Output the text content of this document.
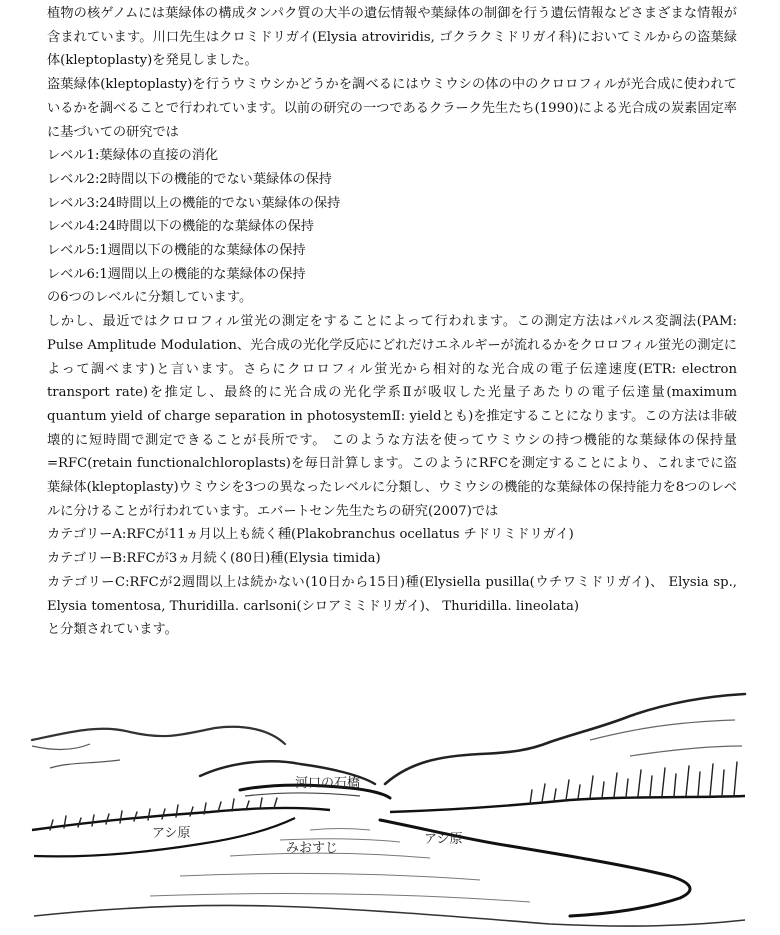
植物の核ゲノムには葉緑体の構成タンパク質の大半の遺伝情報や葉緑体の制御を行う遺伝情報などさまざまな情報が含まれています。川口先生はクロミドリガイ(Elysia atroviridis, ゴクラクミドリガイ科)においてミルからの盗葉緑体(kleptoplasty)を発見しました。

盗葉緑体(kleptoplasty)を行うウミウシかどうかを調べるにはウミウシの体の中のクロロフィルが光合成に使われているかを調べることで行われています。以前の研究の一つであるクラーク先生たち(1990)による光合成の炭素固定率に基づいての研究では

レベル1:葉緑体の直接の消化
レベル2:2時間以下の機能的でない葉緑体の保持
レベル3:24時間以上の機能的でない葉緑体の保持
レベル4:24時間以下の機能的な葉緑体の保持
レベル5:1週間以下の機能的な葉緑体の保持
レベル6:1週間以上の機能的な葉緑体の保持
の6つのレベルに分類しています。

しかし、最近ではクロロフィル蛍光の測定をすることによって行われます。この測定方法はパルス変調法(PAM: Pulse Amplitude Modulation、光合成の光化学反応にどれだけエネルギーが流れるかをクロロフィル蛍光の測定によって調べます)と言います。さらにクロロフィル蛍光から相対的な光合成の電子伝達速度(ETR: electron transport rate)を推定し、最終的に光合成の光化学系Ⅱが吸収した光量子あたりの電子伝達量(maximum quantum yield of charge separation in photosystemⅡ: yieldとも)を推定することになります。この方法は非破壊的に短時間で測定できることが長所です。 このような方法を使ってウミウシの持つ機能的な葉緑体の保持量=RFC(retain functionalchloroplasts)を毎日計算します。このようにRFCを測定することにより、これまでに盗葉緑体(kleptoplasty)ウミウシを3つの異なったレベルに分類し、ウミウシの機能的な葉緑体の保持能力を8つのレベルに分けることが行われています。エバートセン先生たちの研究(2007)では

カテゴリーA:RFCが11ヵ月以上も続く種(Plakobranchus ocellatus チドリミドリガイ)

カテゴリーB:RFCが3ヵ月続く(80日)種(Elysia timida)

カテゴリーC:RFCが2週間以上は続かない(10日から15日)種(Elysiella pusilla(ウチワミドリガイ)、 Elysia sp., Elysia tomentosa, Thuridilla. carlsoni(シロアミミドリガイ)、 Thuridilla. lineolata)

と分類されています。
河口の石橋
アシ原
みおすじ
アシ原
